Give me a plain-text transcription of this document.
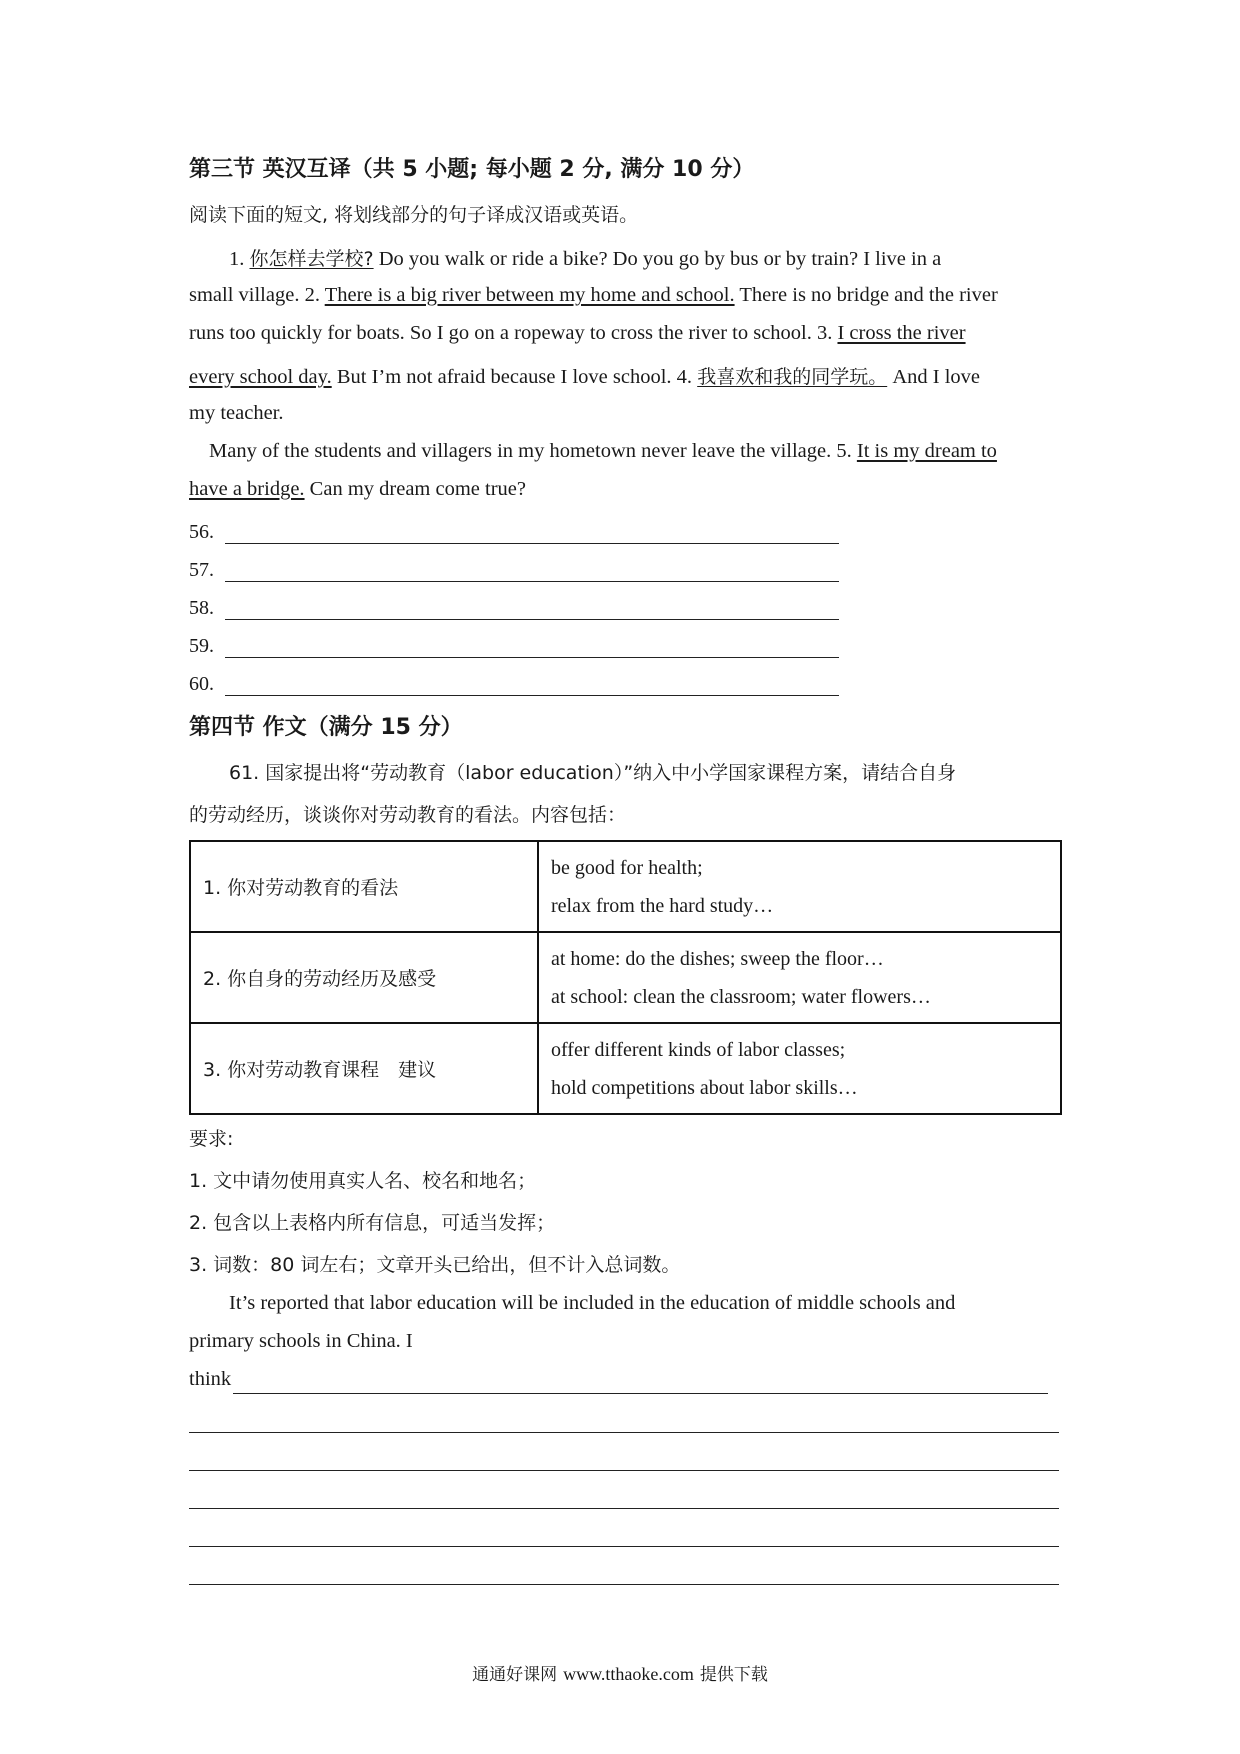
第三节 英汉互译（共 5 小题; 每小题 2 分, 满分 10 分）
阅读下面的短文, 将划线部分的句子译成汉语或英语。
1. 你怎样去学校? Do you walk or ride a bike? Do you go by bus or by train? I live in a
small village. 2. There is a big river between my home and school. There is no bridge and the river
runs too quickly for boats. So I go on a ropeway to cross the river to school. 3. I cross the river
every school day. But I’m not afraid because I love school. 4. 我喜欢和我的同学玩。 And I love
my teacher.
Many of the students and villagers in my hometown never leave the village. 5. It is my dream to
have a bridge. Can my dream come true?
56.
57.
58.
59.
60.
第四节 作文（满分 15 分）
61. 国家提出将“劳动教育（labor education）”纳入中小学国家课程方案，请结合自身
的劳动经历，谈谈你对劳动教育的看法。内容包括：
1. 你对劳动教育的看法	be good for health;
relax from the hard study…

2. 你自身的劳动经历及感受	at home: do the dishes; sweep the floor…
at school: clean the classroom; water flowers…

3. 你对劳动教育课程　建议	offer different kinds of labor classes;
hold competitions about labor skills…
要求:
1. 文中请勿使用真实人名、校名和地名；
2. 包含以上表格内所有信息，可适当发挥；
3. 词数：80 词左右；文章开头已给出，但不计入总词数。
It’s reported that labor education will be included in the education of middle schools and
primary schools in China. I
think
通通好课网 www.tthaoke.com 提供下载
